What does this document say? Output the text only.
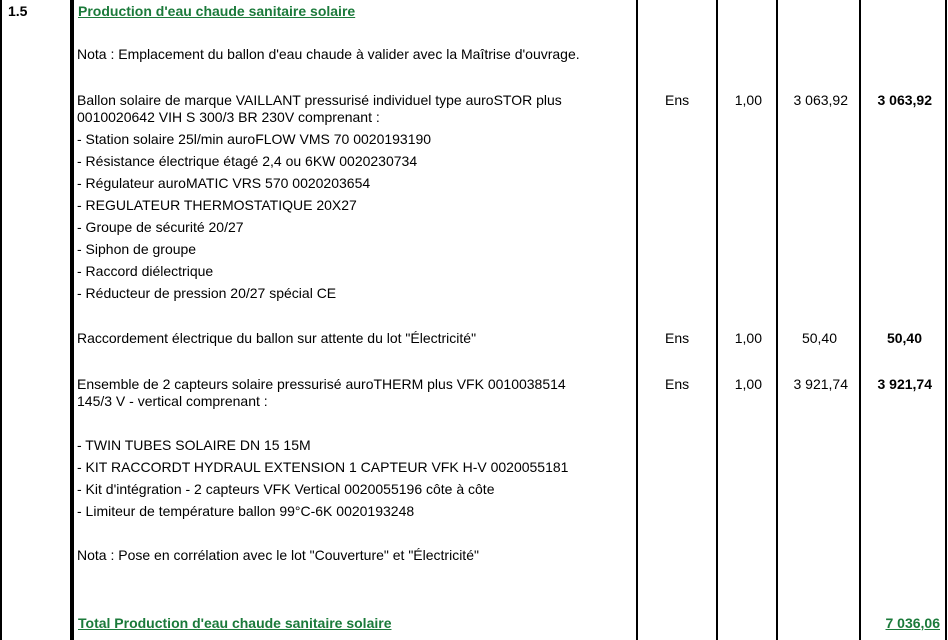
1.5	Production d'eau chaude sanitaire solaire
Nota : Emplacement du ballon d'eau chaude à valider avec la Maîtrise d'ouvrage.
Ballon solaire de marque VAILLANT pressurisé individuel type auroSTOR plus
0010020642 VIH S 300/3 BR 230V comprenant :
Ens	1,00	3 063,92	3 063,92
- Station solaire 25l/min auroFLOW VMS 70 0020193190
- Résistance électrique étagé 2,4 ou 6KW 0020230734
- Régulateur auroMATIC VRS 570 0020203654
- REGULATEUR THERMOSTATIQUE 20X27
- Groupe de sécurité 20/27
- Siphon de groupe
- Raccord diélectrique
- Réducteur de pression 20/27 spécial CE
Raccordement électrique du ballon sur attente du lot "Électricité"	Ens	1,00	50,40	50,40
Ensemble de 2 capteurs solaire pressurisé auroTHERM plus VFK 0010038514
145/3 V - vertical comprenant :
Ens	1,00	3 921,74	3 921,74
- TWIN TUBES SOLAIRE DN 15 15M
- KIT RACCORDT HYDRAUL EXTENSION 1 CAPTEUR VFK H-V 0020055181
- Kit d'intégration - 2 capteurs VFK Vertical 0020055196 côte à côte
- Limiteur de température ballon 99°C-6K 0020193248
Nota : Pose en corrélation avec le lot "Couverture" et "Électricité"
Total Production d'eau chaude sanitaire solaire	7 036,06
